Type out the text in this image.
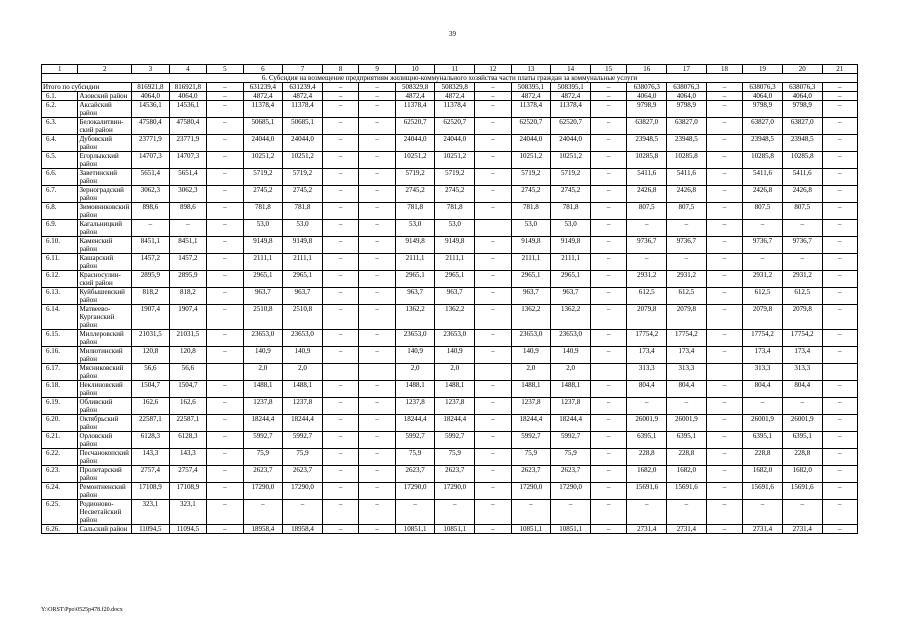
39
1	2	3	4	5	6	7	8	9	10	11	12	13	14	15	16	17	18	19	20	21
6. Субсидия на возмещение предприятиям жилищно-коммунального хозяйства части платы граждан за коммунальные услуги																				
Итого по субсидии		816921,8	816921,8	–	631239,4	631239,4	–	–	508329,8	508329,8	–	508395,1	508395,1	–	638076,3	638076,3	–	638076,3	638076,3	–
6.1.	Азовский район	4064,0	4064,0	–	4872,4	4872,4	–	–	4872,4	4872,4	–	4872,4	4872,4	–	4064,0	4064,0	–	4064,0	4064,0	–
6.2.	Аксайский район	14536,1	14536,1	–	11378,4	11378,4	–	–	11378,4	11378,4	–	11378,4	11378,4	–	9798,9	9798,9	–	9798,9	9798,9	–
6.3.	Белокалитвин-ский район	47580,4	47580,4	–	50685,1	50685,1	–	–	62520,7	62520,7	–	62520,7	62520,7	–	63827,0	63827,0	–	63827,0	63827,0	–
6.4.	Дубовский район	23771,9	23771,9	–	24044,0	24044,0	–	–	24044,0	24044,0	–	24044,0	24044,0	–	23948,5	23948,5	–	23948,5	23948,5	–
6.5.	Егорлыкский район	14707,3	14707,3	–	10251,2	10251,2	–	–	10251,2	10251,2	–	10251,2	10251,2	–	10285,8	10285,8	–	10285,8	10285,8	–
6.6.	Заветинский район	5651,4	5651,4	–	5719,2	5719,2	–	–	5719,2	5719,2	–	5719,2	5719,2	–	5411,6	5411,6	–	5411,6	5411,6	–
6.7.	Зерноградский район	3062,3	3062,3	–	2745,2	2745,2	–	–	2745,2	2745,2	–	2745,2	2745,2	–	2426,8	2426,8	–	2426,8	2426,8	–
6.8.	Зимовниковский район	898,6	898,6	–	781,8	781,8	–	–	781,8	781,8	–	781,8	781,8	–	807,5	807,5	–	807,5	807,5	–
6.9.	Кагальницкий район	–	–	–	53,0	53,0	–	–	53,0	53,0		53,0	53,0	–	–	–	–	–	–	–
6.10.	Каменский район	8451,1	8451,1	–	9149,8	9149,8	–	–	9149,8	9149,8	–	9149,8	9149,8	–	9736,7	9736,7	–	9736,7	9736,7	–
6.11.	Кашарский район	1457,2	1457,2	–	2111,1	2111,1	–	–	2111,1	2111,1	–	2111,1	2111,1	–	–	–	–	–	–	–
6.12.	Красносулин-ский район	2895,9	2895,9	–	2965,1	2965,1	–	–	2965,1	2965,1	–	2965,1	2965,1	–	2931,2	2931,2	–	2931,2	2931,2	–
6.13.	Куйбышевский район	818,2	818,2	–	963,7	963,7	–	–	963,7	963,7	–	963,7	963,7	–	612,5	612,5	–	612,5	612,5	–
6.14.	Матвеево-Курганский район	1907,4	1907,4	–	2510,8	2510,8	–	–	1362,2	1362,2	–	1362,2	1362,2	–	2079,8	2079,8	–	2079,8	2079,8	–
6.15.	Миллеровский район	21031,5	21031,5	–	23653,0	23653,0	–	–	23653,0	23653,0	–	23653,0	23653,0	–	17754,2	17754,2	–	17754,2	17754,2	–
6.16.	Милютинский район	120,8	120,8	–	140,9	140,9	–	–	140,9	140,9	–	140,9	140,9	–	173,4	173,4	–	173,4	173,4	–
6.17.	Мясниковский район	56,6	56,6		2,0	2,0			2,0	2,0		2,0	2,0		313,3	313,3		313,3	313,3	
6.18.	Неклиновский район	1504,7	1504,7	–	1488,1	1488,1	–	–	1488,1	1488,1	–	1488,1	1488,1	–	804,4	804,4	–	804,4	804,4	–
6.19.	Обливский район	162,6	162,6	–	1237,8	1237,8	–	–	1237,8	1237,8	–	1237,8	1237,8	–	–	–	–	–	–	–
6.20.	Октябрьский район	22587,1	22587,1	–	18244,4	18244,4	–	–	18244,4	18244,4	–	18244,4	18244,4	–	26001,9	26001,9	–	26001,9	26001,9	–
6.21.	Орловский район	6128,3	6128,3	–	5992,7	5992,7	–	–	5992,7	5992,7	–	5992,7	5992,7	–	6395,1	6395,1	–	6395,1	6395,1	–
6.22.	Песчанокопский район	143,3	143,3	–	75,9	75,9	–	–	75,9	75,9	–	75,9	75,9	–	228,8	228,8	–	228,8	228,8	–
6.23.	Пролетарский район	2757,4	2757,4	–	2623,7	2623,7	–	–	2623,7	2623,7	–	2623,7	2623,7	–	1682,0	1682,0	–	1682,0	1682,0	–
6.24.	Ремонтненский район	17108,9	17108,9	–	17290,0	17290,0	–	–	17290,0	17290,0	–	17290,0	17290,0	–	15691,6	15691,6	–	15691,6	15691,6	–
6.25.	Родионово-Несветайский район	323,1	323,1	–	–	–	–	–	–	–	–	–	–	–	–	–	–	–	–	–
6.26.	Сальский район	11094,5	11094,5	–	18958,4	18958,4	–	–	10851,1	10851,1	–	10851,1	10851,1	–	2731,4	2731,4	–	2731,4	2731,4	–
Y:\ORST\Ppo\0525p478.f20.docx
